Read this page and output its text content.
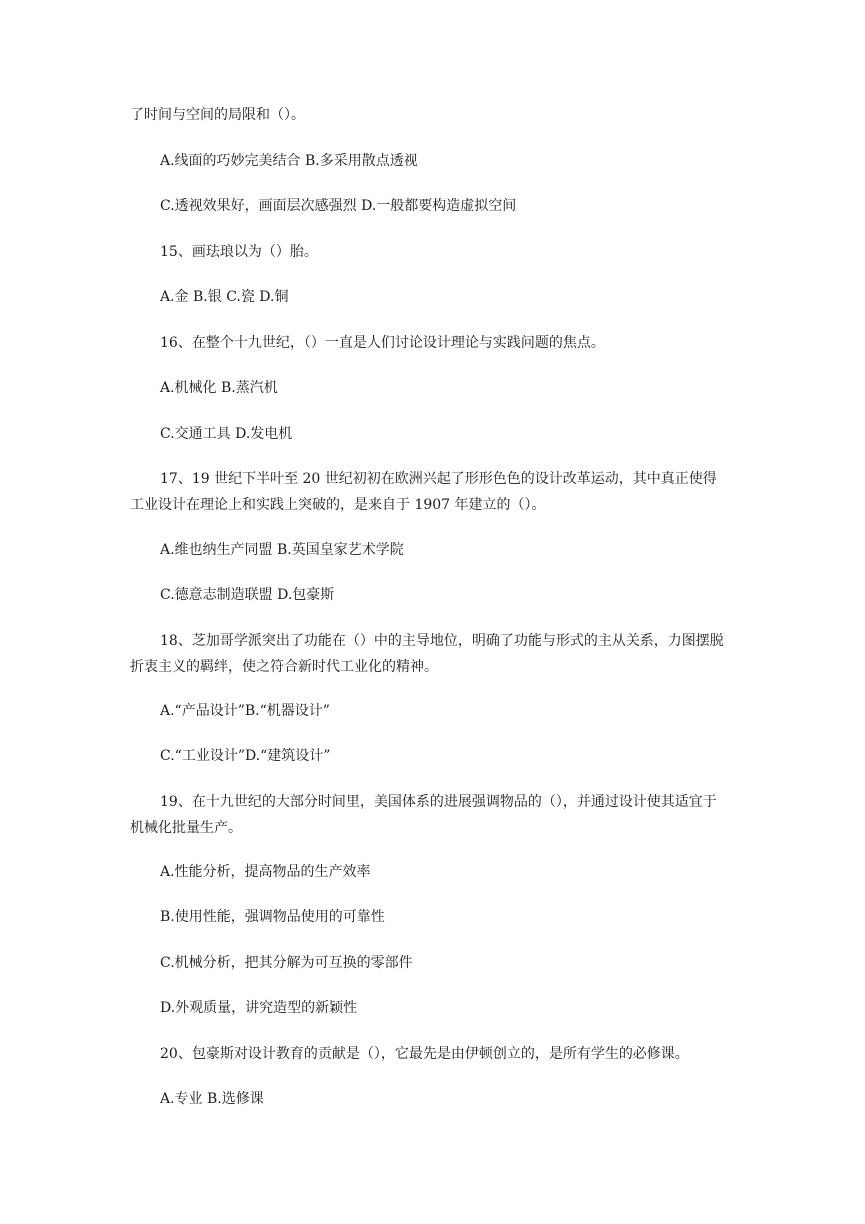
了时间与空间的局限和（）。

A.线面的巧妙完美结合 B.多采用散点透视

C.透视效果好，画面层次感强烈 D.一般都要构造虚拟空间

15、画珐琅以为（）胎。

A.金 B.银 C.瓷 D.铜

16、在整个十九世纪，（）一直是人们讨论设计理论与实践问题的焦点。

A.机械化 B.蒸汽机

C.交通工具 D.发电机

17、19 世纪下半叶至 20 世纪初初在欧洲兴起了形形色色的设计改革运动，其中真正使得工业设计在理论上和实践上突破的，是来自于 1907 年建立的（）。

A.维也纳生产同盟 B.英国皇家艺术学院

C.德意志制造联盟 D.包豪斯

18、芝加哥学派突出了功能在（）中的主导地位，明确了功能与形式的主从关系，力图摆脱折衷主义的羁绊，使之符合新时代工业化的精神。

A.“产品设计”B.“机器设计”

C.“工业设计”D.“建筑设计”

19、在十九世纪的大部分时间里，美国体系的进展强调物品的（），并通过设计使其适宜于机械化批量生产。

A.性能分析，提高物品的生产效率

B.使用性能，强调物品使用的可靠性

C.机械分析，把其分解为可互换的零部件

D.外观质量，讲究造型的新颖性

20、包豪斯对设计教育的贡献是（），它最先是由伊顿创立的，是所有学生的必修课。

A.专业 B.选修课
